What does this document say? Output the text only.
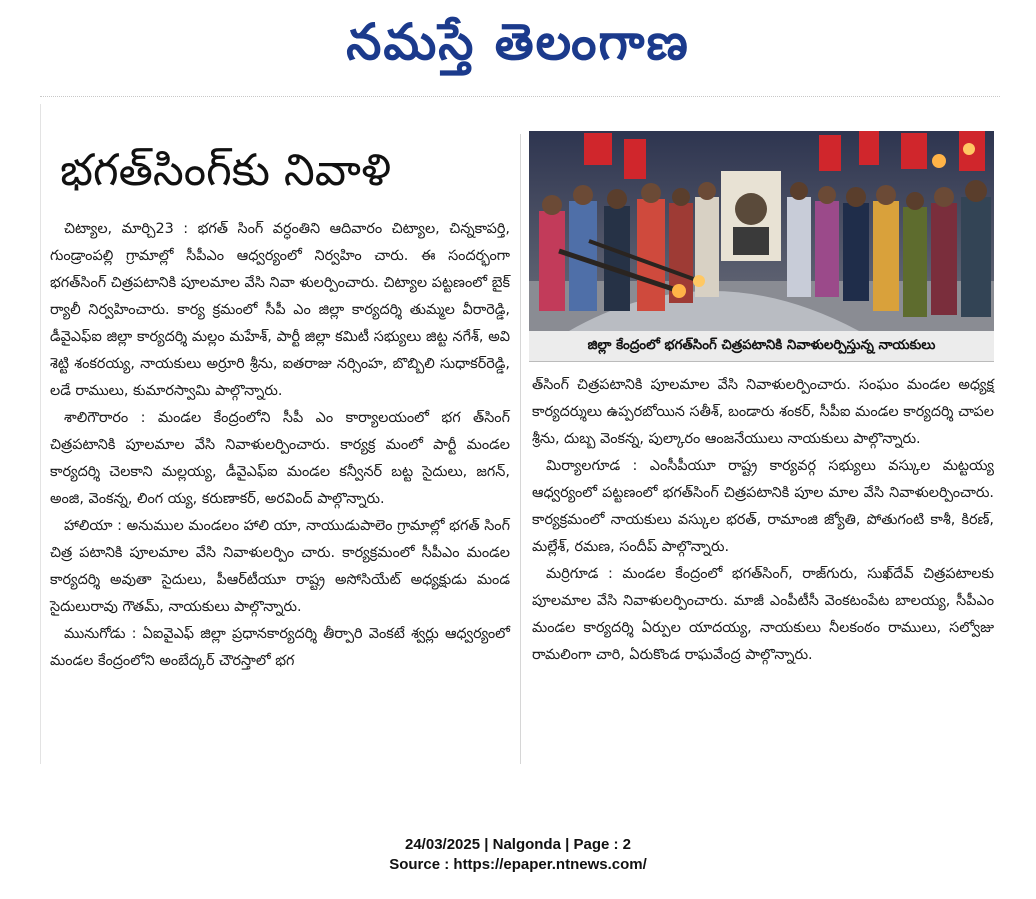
నమస్తే తెలంగాణ
భగత్‌సింగ్‌కు నివాళి

చిట్యాల, మార్చి23 : భగత్ సింగ్ వర్ధంతిని ఆదివారం చిట్యాల, చిన్నకాపర్తి, గుండ్రాంపల్లి గ్రామాల్లో సీపీఎం ఆధ్వర్యంలో నిర్వహిం చారు. ఈ సందర్భంగా భగత్‌సింగ్ చిత్రపటానికి పూలమాల వేసి నివా ళులర్పించారు. చిట్యాల పట్టణంలో బైక్ ర్యాలీ నిర్వహించారు. కార్య క్రమంలో సీపీ ఎం జిల్లా కార్యదర్శి తుమ్మల వీరారెడ్డి, డీవైఎఫ్ఐ జిల్లా కార్యదర్శి మల్లం మహేశ్, పార్టీ జిల్లా కమిటీ సభ్యులు జిట్ట నగేశ్, అవి శెట్టి శంకరయ్య, నాయకులు అర్రూరి శ్రీను, ఐతరాజు నర్సింహ, బొబ్బిలి సుధాకర్‌రెడ్డి, లడే రాములు, కుమారస్వామి పాల్గొన్నారు.

శాలిగౌరారం : మండల కేంద్రంలోని సీపీ ఎం కార్యాలయంలో భగ త్‌సింగ్ చిత్రపటానికి పూలమాల వేసి నివాళులర్పించారు. కార్యక్ర మంలో పార్టీ మండల కార్యదర్శి చెలకాని మల్లయ్య, డీవైఎఫ్ఐ మండల కన్వీనర్ బట్ట సైదులు, జగన్, అంజి, వెంకన్న, లింగ య్య, కరుణాకర్, అరవింద్ పాల్గొన్నారు.

హాలియా : అనుముల మండలం హాలి యా, నాయుడుపాలెం గ్రామాల్లో భగత్ సింగ్ చిత్ర పటానికి పూలమాల వేసి నివాళులర్పిం చారు. కార్యక్రమంలో సీపీఎం మండల కార్యదర్శి అవుతా సైదులు, పీఆర్‌టీయూ రాష్ట్ర అసోసియేట్ అధ్యక్షుడు మండ సైదులురావు గౌతమ్, నాయకులు పాల్గొన్నారు.

మునుగోడు : ఏఐవైఎఫ్ జిల్లా ప్రధానకార్యదర్శి తీర్పారి వెంకటే శ్వర్లు ఆధ్వర్యంలో మండల కేంద్రంలోని అంబేద్కర్ చౌరస్తాలో భగ

జిల్లా కేంద్రంలో భగత్‌సింగ్ చిత్రపటానికి నివాళులర్పిస్తున్న నాయకులు

త్‌సింగ్ చిత్రపటానికి పూలమాల వేసి నివాళులర్పించారు. సంఘం మండల అధ్యక్ష కార్యదర్శులు ఉప్పరబోయిన సతీశ్, బండారు శంకర్, సీపీఐ మండల కార్యదర్శి చాపల శ్రీను, దుబ్బ వెంకన్న, పుల్కారం ఆంజనేయులు నాయకులు పాల్గొన్నారు.

మిర్యాలగూడ : ఎంసీపీయూ రాష్ట్ర కార్యవర్గ సభ్యులు వస్కుల మట్టయ్య ఆధ్వర్యంలో పట్టణంలో భగత్‌సింగ్ చిత్రపటానికి పూల మాల వేసి నివాళులర్పించారు. కార్యక్రమంలో నాయకులు వస్కుల భరత్, రామాంజి జ్యోతి, పోతుగంటి కాశీ, కిరణ్, మల్లేశ్, రమణ, సందీప్ పాల్గొన్నారు.

మర్రిగూడ : మండల కేంద్రంలో భగత్‌సింగ్, రాజ్‌గురు, సుఖ్‌దేవ్ చిత్రపటాలకు పూలమాల వేసి నివాళులర్పించారు. మాజీ ఎంపీటీసీ వెంకటంపేట బాలయ్య, సీపీఎం మండల కార్యదర్శి ఏర్పుల యాదయ్య, నాయకులు నీలకంఠం రాములు, సల్వోజు రామలింగా చారి, ఏరుకొండ రాఘవేంద్ర పాల్గొన్నారు.

24/03/2025 | Nalgonda | Page : 2
Source : https://epaper.ntnews.com/
